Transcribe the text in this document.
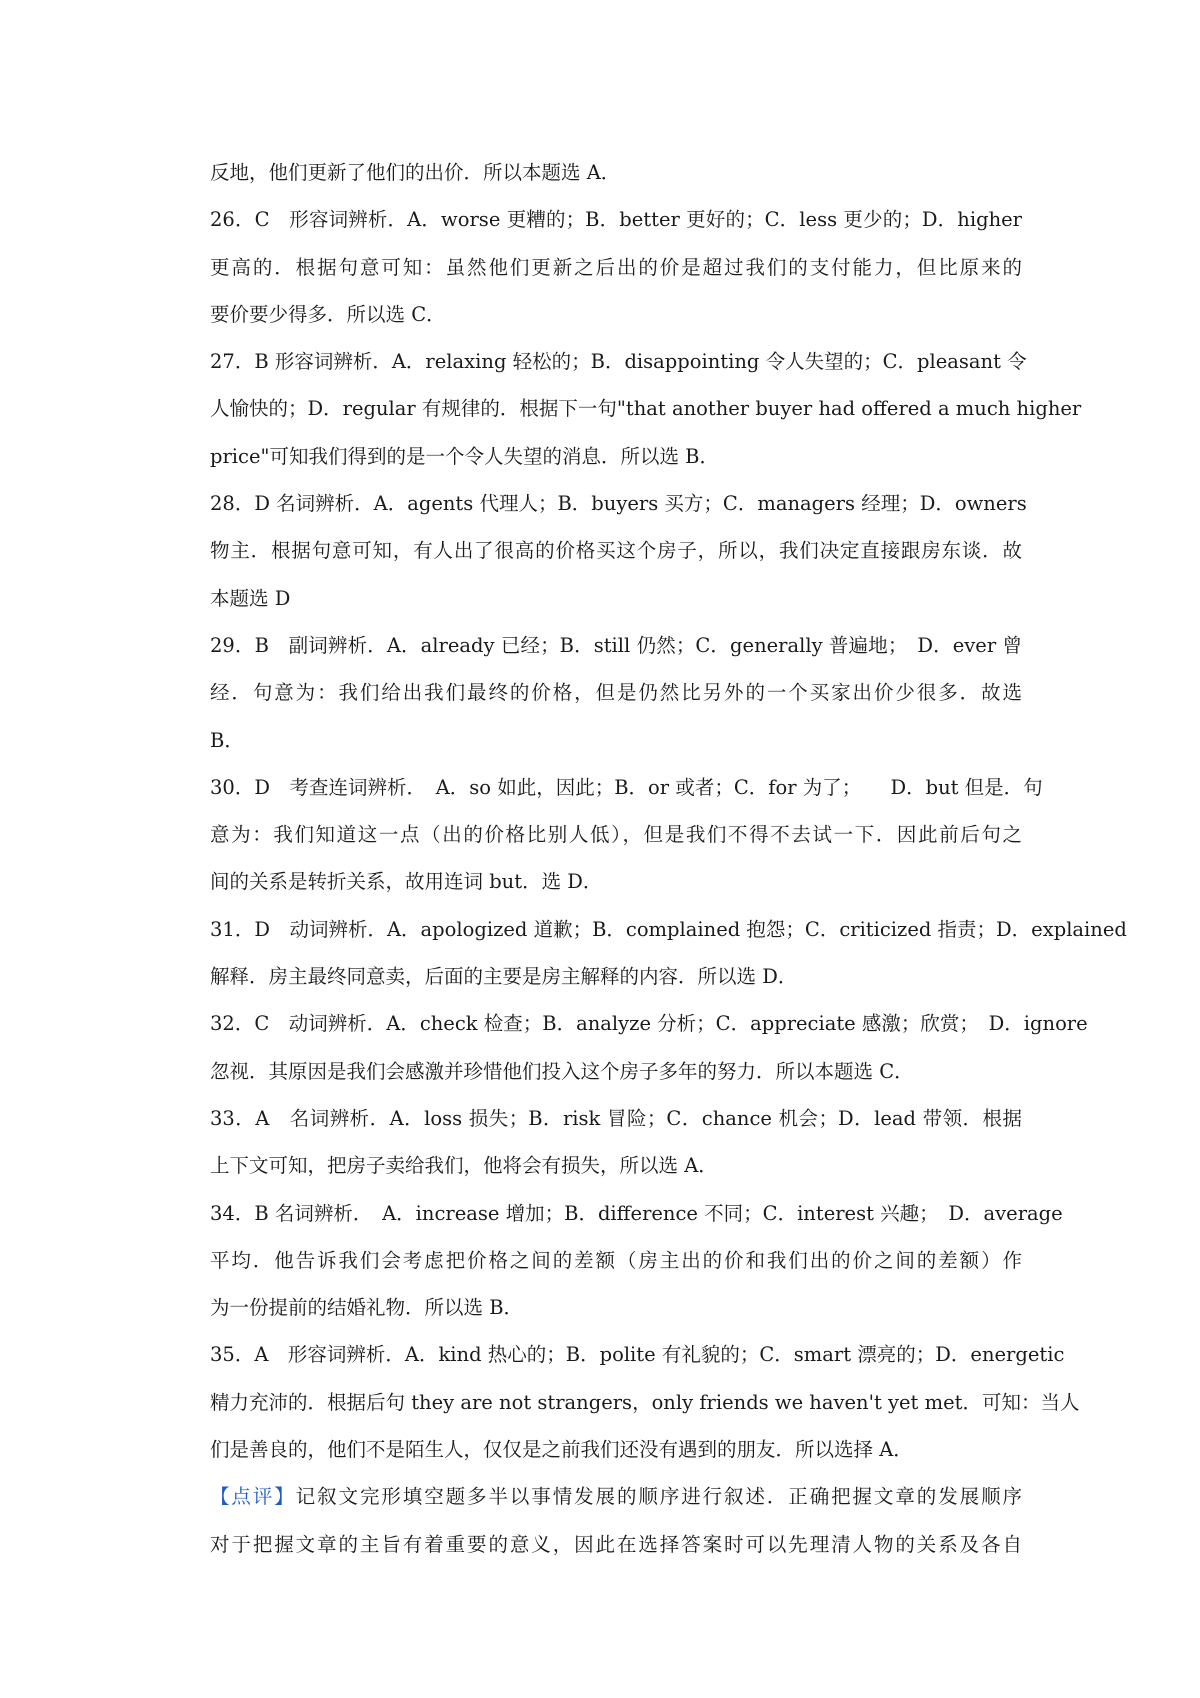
反地，他们更新了他们的出价．所以本题选 A．
26．C　形容词辨析．A．worse 更糟的；B．better 更好的；C．less 更少的；D．higher
更高的．根据句意可知：虽然他们更新之后出的价是超过我们的支付能力，但比原来的
要价要少得多．所以选 C．
27．B 形容词辨析．A．relaxing 轻松的；B．disappointing 令人失望的；C．pleasant 令
人愉快的；D．regular 有规律的．根据下一句"that another buyer had offered a much higher
price"可知我们得到的是一个令人失望的消息．所以选 B．
28．D 名词辨析．A．agents 代理人；B．buyers 买方；C．managers 经理；D．owners
物主．根据句意可知，有人出了很高的价格买这个房子，所以，我们决定直接跟房东谈．故
本题选 D
29．B　副词辨析．A．already 已经；B．still 仍然；C．generally 普遍地；　D．ever 曾
经．句意为：我们给出我们最终的价格，但是仍然比另外的一个买家出价少很多．故选
B．
30．D　考查连词辨析．　A．so 如此，因此；B．or 或者；C．for 为了；　　D．but 但是．句
意为：我们知道这一点（出的价格比别人低），但是我们不得不去试一下．因此前后句之
间的关系是转折关系，故用连词 but．选 D．
31．D　动词辨析．A．apologized 道歉；B．complained 抱怨；C．criticized 指责；D．explained
解释．房主最终同意卖，后面的主要是房主解释的内容．所以选 D．
32．C　动词辨析．A．check 检查；B．analyze 分析；C．appreciate 感激；欣赏；　D．ignore
忽视．其原因是我们会感激并珍惜他们投入这个房子多年的努力．所以本题选 C．
33．A　名词辨析．A．loss 损失；B．risk 冒险；C．chance 机会；D．lead 带领．根据
上下文可知，把房子卖给我们，他将会有损失，所以选 A．
34．B 名词辨析．　A．increase 增加；B．difference 不同；C．interest 兴趣；　D．average
平均．他告诉我们会考虑把价格之间的差额（房主出的价和我们出的价之间的差额）作
为一份提前的结婚礼物．所以选 B．
35．A　形容词辨析．A．kind 热心的；B．polite 有礼貌的；C．smart 漂亮的；D．energetic
精力充沛的．根据后句 they are not strangers，only friends we haven't yet met．可知：当人
们是善良的，他们不是陌生人，仅仅是之前我们还没有遇到的朋友．所以选择 A．
【点评】记叙文完形填空题多半以事情发展的顺序进行叙述．正确把握文章的发展顺序
对于把握文章的主旨有着重要的意义，因此在选择答案时可以先理清人物的关系及各自
